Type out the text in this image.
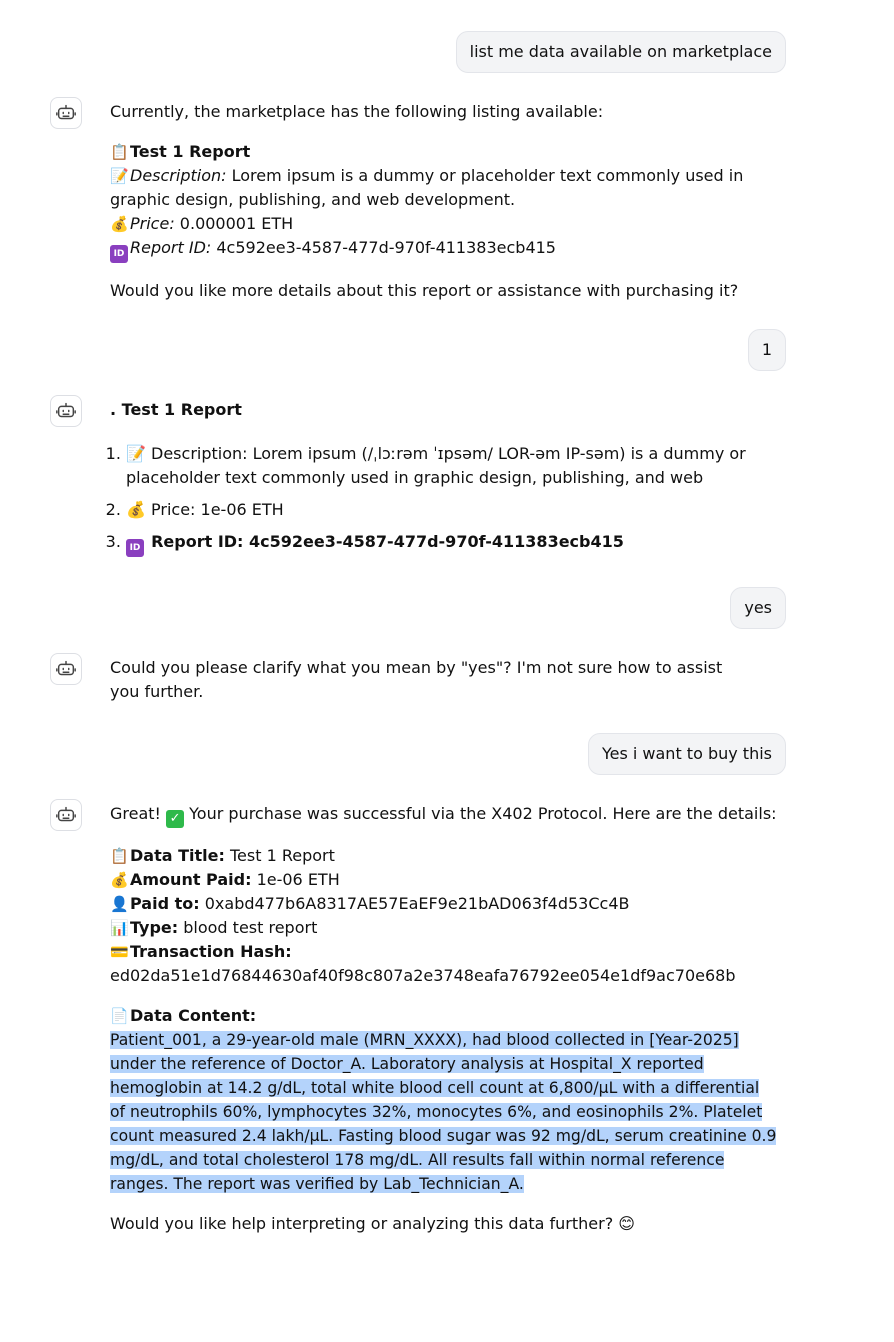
list me data available on marketplace

Currently, the marketplace has the following listing available:

📋Test 1 Report

📝Description: Lorem ipsum is a dummy or placeholder text commonly used in graphic design, publishing, and web development.

💰Price: 0.000001 ETH

ID Report ID: 4c592ee3-4587-477d-970f-411383ecb415

Would you like more details about this report or assistance with purchasing it?

1

. Test 1 Report

1. 📝 Description: Lorem ipsum (/ˌlɔːrəm ˈɪpsəm/ LOR-əm IP-səm) is a dummy or placeholder text commonly used in graphic design, publishing, and web
2. 💰 Price: 1e-06 ETH
3. ID Report ID: 4c592ee3-4587-477d-970f-411383ecb415
yes

Could you please clarify what you mean by "yes"? I'm not sure how to assist you further.

Yes i want to buy this

Great! ✓ Your purchase was successful via the X402 Protocol. Here are the details:

📋Data Title: Test 1 Report

💰Amount Paid: 1e-06 ETH

👤Paid to: 0xabd477b6A8317AE57EaEF9e21bAD063f4d53Cc4B

📊Type: blood test report

💳Transaction Hash:

ed02da51e1d76844630af40f98c807a2e3748eafa76792ee054e1df9ac70e68b

📄Data Content:

Patient_001, a 29-year-old male (MRN_XXXX), had blood collected in [Year-2025]
under the reference of Doctor_A. Laboratory analysis at Hospital_X reported
hemoglobin at 14.2 g/dL, total white blood cell count at 6,800/µL with a differential
of neutrophils 60%, lymphocytes 32%, monocytes 6%, and eosinophils 2%. Platelet
count measured 2.4 lakh/µL. Fasting blood sugar was 92 mg/dL, serum creatinine 0.9
mg/dL, and total cholesterol 178 mg/dL. All results fall within normal reference
ranges. The report was verified by Lab_Technician_A.

Would you like help interpreting or analyzing this data further? 😊
